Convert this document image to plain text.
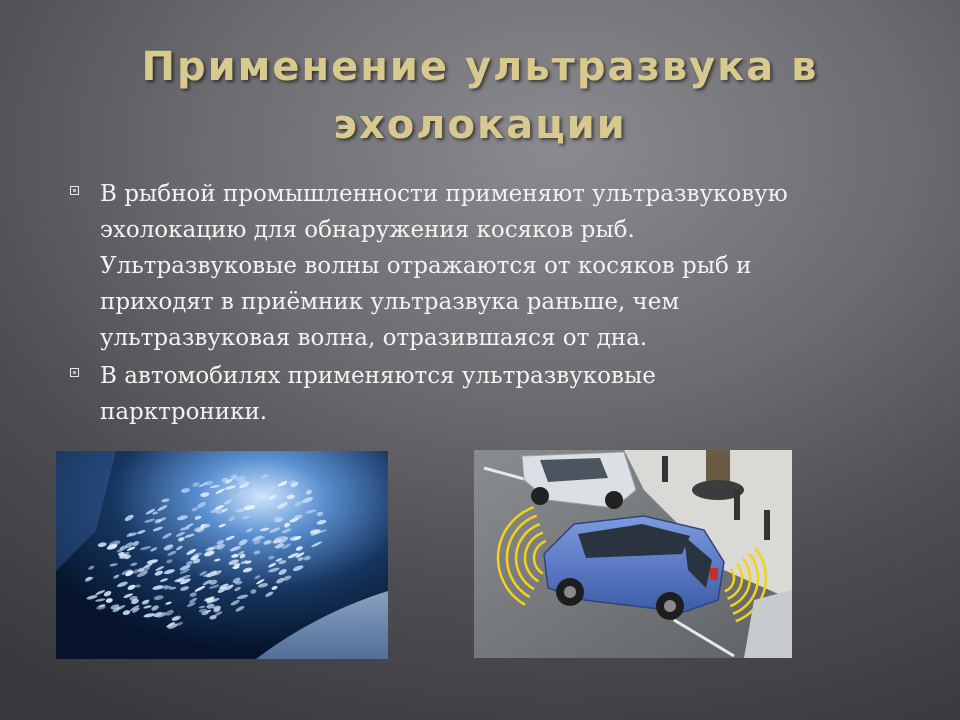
Применение ультразвука в
эхолокации
В рыбной промышленности применяют ультразвуковую
эхолокацию для обнаружения косяков рыб.
Ультразвуковые волны отражаются от косяков рыб и
приходят в приёмник ультразвука раньше, чем
ультразвуковая волна, отразившаяся от дна.
В автомобилях применяются ультразвуковые
парктроники.
